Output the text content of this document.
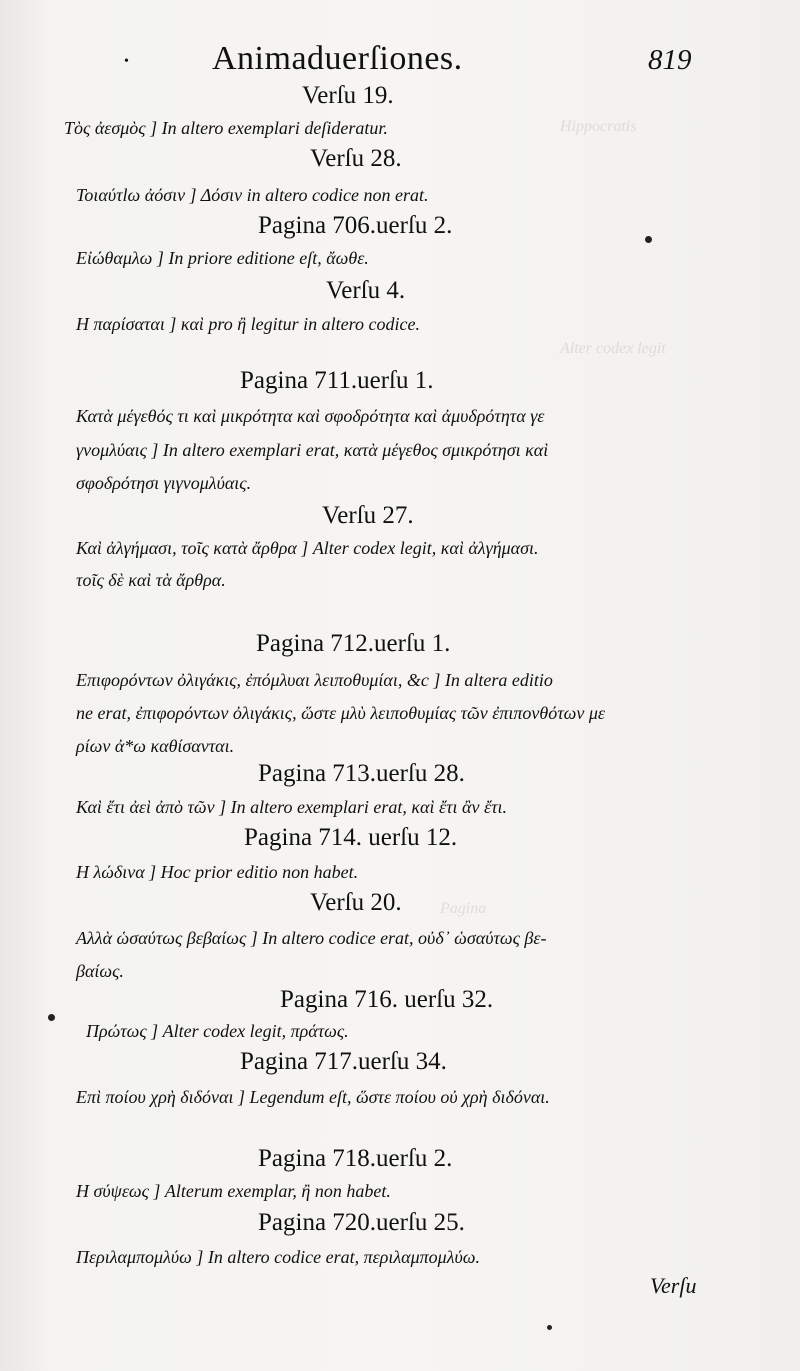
• Animaduerſiones.	819
Hippocratis
Alter codex legit
Pagina
Verſu 19.
Τὸς ἀεσμὸς ] In altero exemplari deſideratur.
Verſu 28.
Τοιαύτlω ἀόσιν ] Δόσιν in altero codice non erat.
Pagina 706.uerſu 2.
Εἰώθαμλω ] In priore editione eſt, ἄωθε.
Verſu 4.
Η παρίσαται ] καὶ pro ἢ legitur in altero codice.
Pagina 711.uerſu 1.
Κατὰ μέγεθός τι καὶ μικρότητα καὶ σφοδρότητα καὶ ἀμυδρότητα γε
γνομλύαις ] In altero exemplari erat, κατὰ μέγεθος σμικρότησι καὶ
σφοδρότησι γιγνομλύαις.
Verſu 27.
Καὶ ἀλγήμασι, τοῖς κατὰ ἄρθρα ] Alter codex legit, καὶ ἀλγήμασι.
τοῖς δὲ καὶ τὰ ἄρθρα.
Pagina 712.uerſu 1.
Επιφορόντων ὀλιγάκις, ἐπόμλυαι λειποθυμίαι, &c ] In altera editio
ne erat, ἐπιφορόντων ὀλιγάκις, ὥστε μλὺ λειποθυμίας τῶν ἐπιπονθότων με
ρίων ἀ*ω καθίσανται.
Pagina 713.uerſu 28.
Καὶ ἔτι ἀεὶ ἀπὸ τῶν ] In altero exemplari erat, καὶ ἔτι ἂν ἔτι.
Pagina 714. uerſu 12.
Η λώδινα ] Hoc prior editio non habet.
Verſu 20.
Αλλὰ ὡσαύτως βεβαίως ] In altero codice erat, οὐδ᾽ ὡσαύτως βε-
βαίως.
Pagina 716. uerſu 32.
Πρώτως ] Alter codex legit, πράτως.
Pagina 717.uerſu 34.
Επὶ ποίου χρὴ διδόναι ] Legendum eſt, ὥστε ποίου οὐ χρὴ διδόναι.
Pagina 718.uerſu 2.
Η σύψεως ] Alterum exemplar, ἢ non habet.
Pagina 720.uerſu 25.
Περιλαμπομλύω ] In altero codice erat, περιλαμπομλύω.
Verſu
